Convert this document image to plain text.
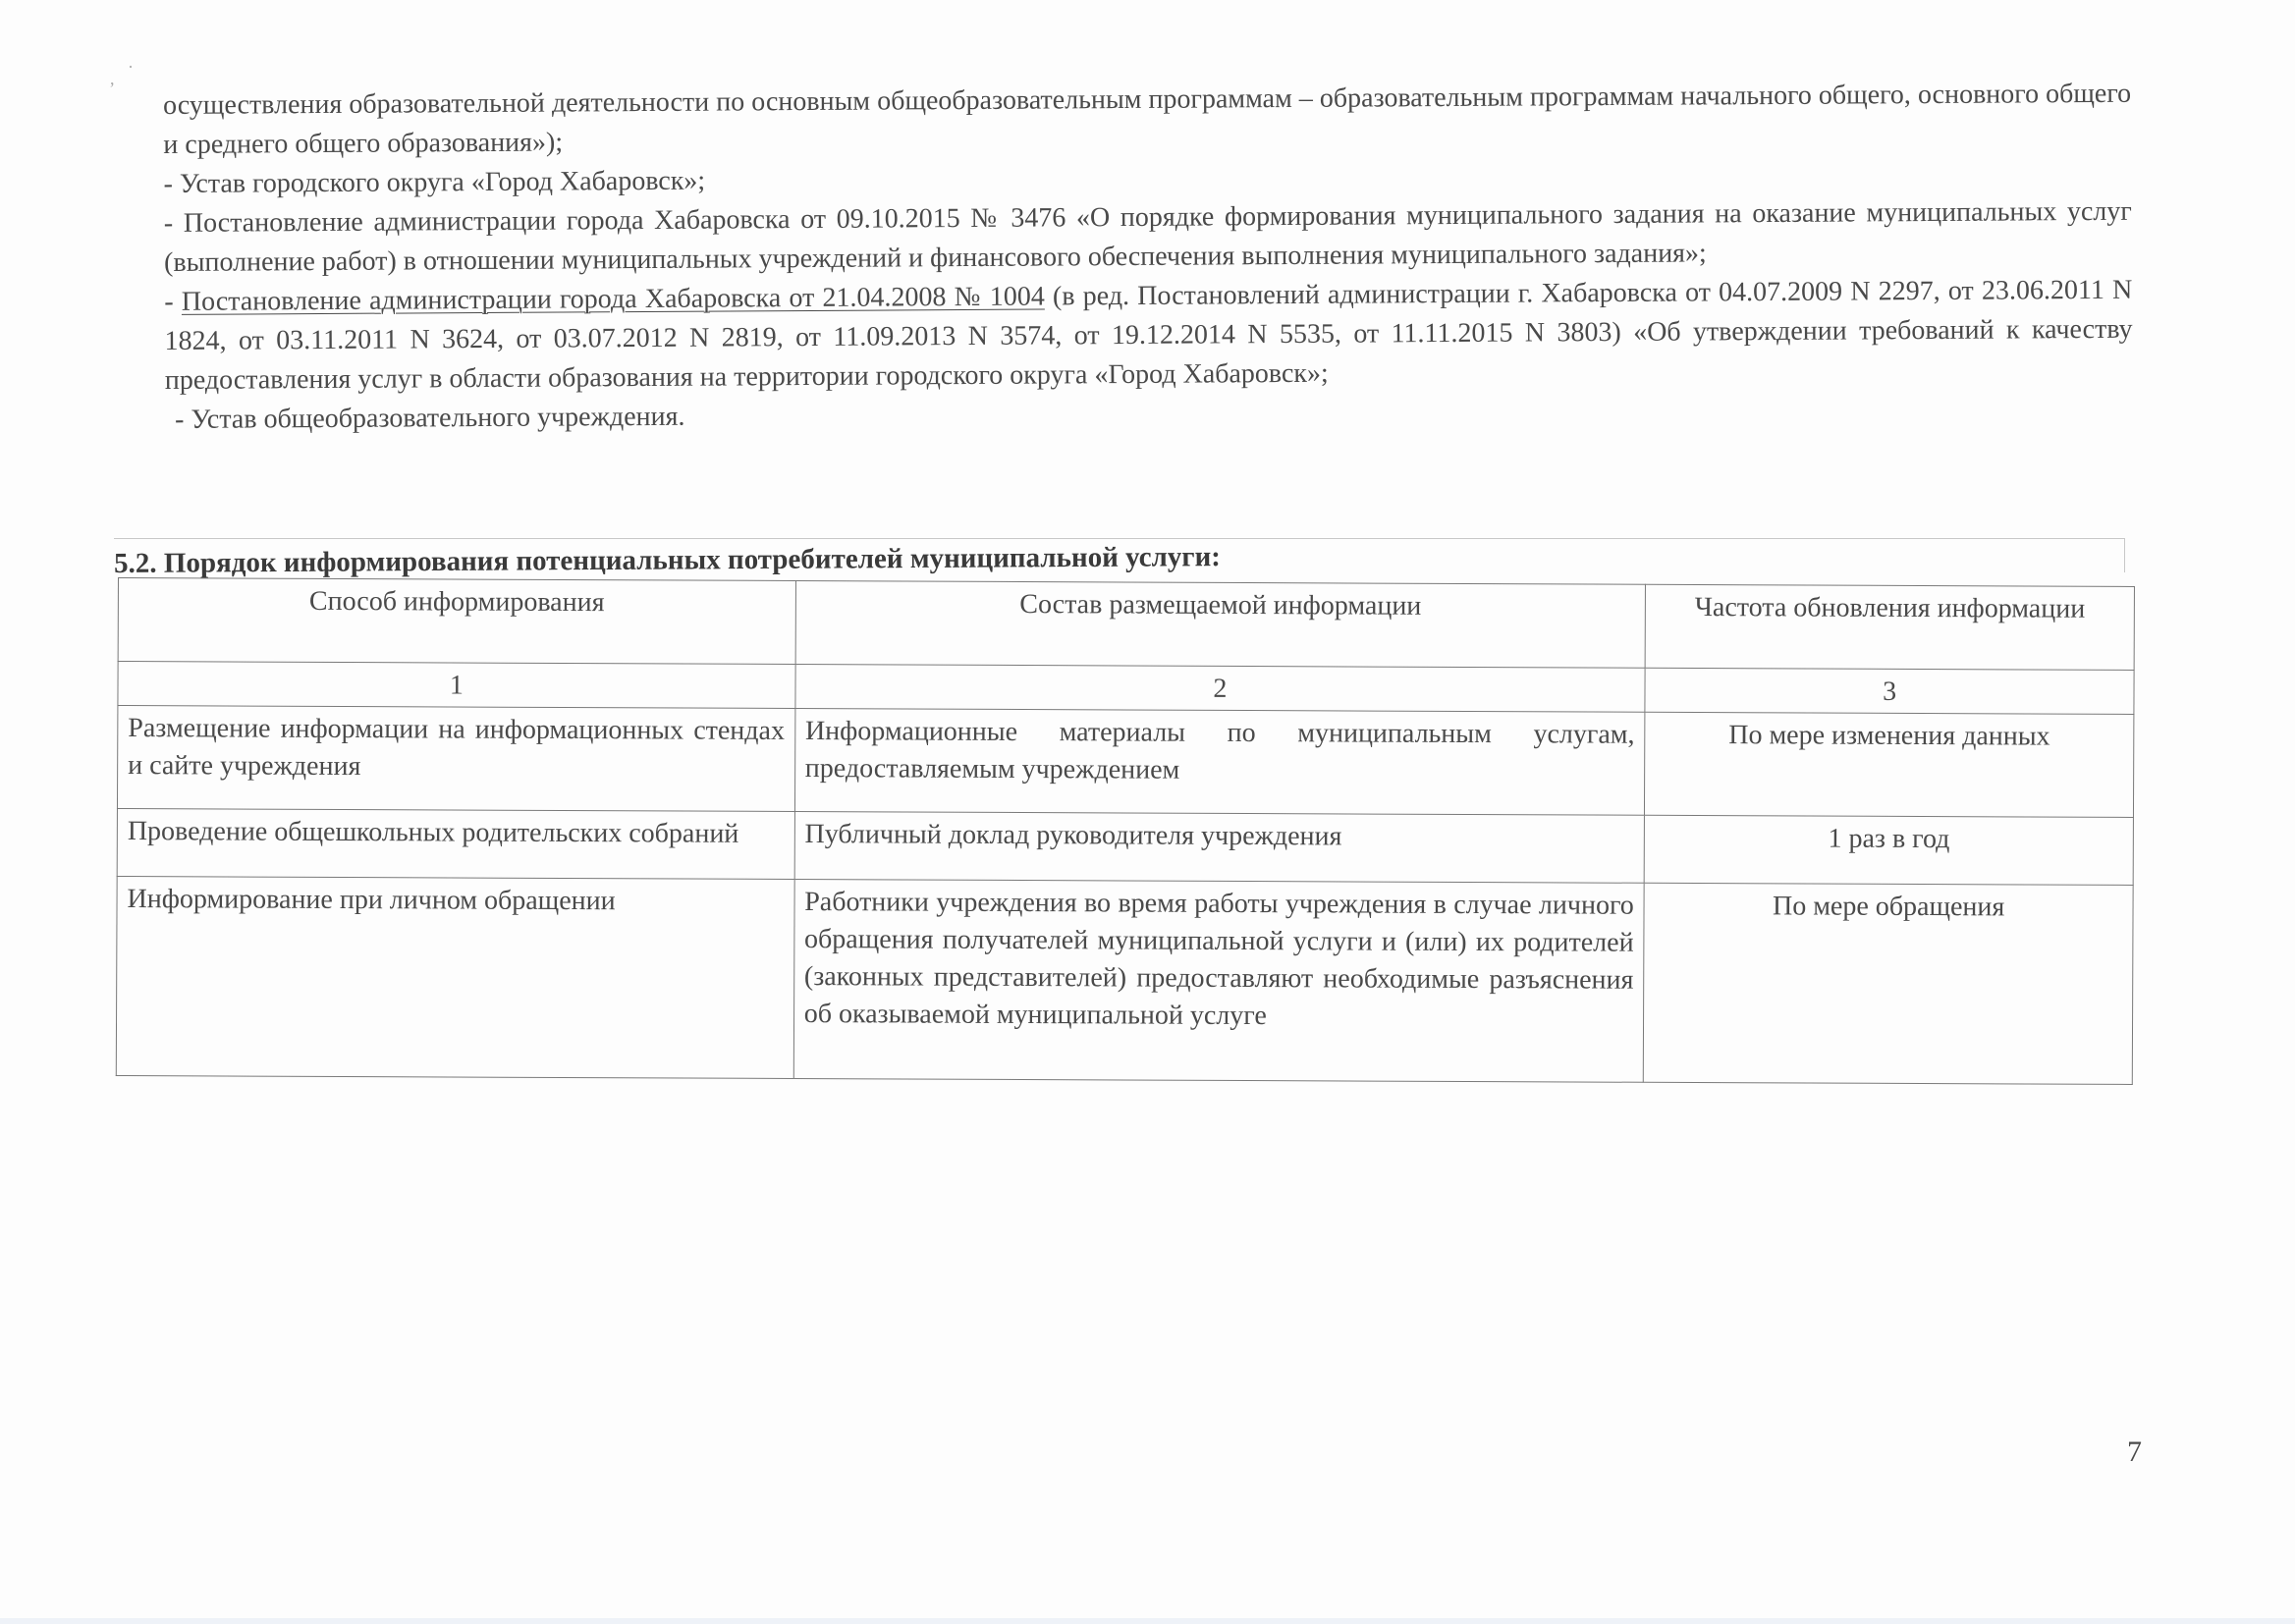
,
·

осуществления образовательной деятельности по основным общеобразовательным программам – образовательным программам начального общего, основного общего и среднего общего образования»);

- Устав городского округа «Город Хабаровск»;

- Постановление администрации города Хабаровска от 09.10.2015 № 3476 «О порядке формирования муниципального задания на оказание муниципальных услуг (выполнение работ) в отношении муниципальных учреждений и финансового обеспечения выполнения муниципального задания»;

- Постановление администрации города Хабаровска от 21.04.2008 № 1004 (в ред. Постановлений администрации г. Хабаровска от 04.07.2009 N 2297, от 23.06.2011 N 1824, от 03.11.2011 N 3624, от 03.07.2012 N 2819, от 11.09.2013 N 3574, от 19.12.2014 N 5535, от 11.11.2015 N 3803) «Об утверждении требований к качеству предоставления услуг в области образования на территории городского округа «Город Хабаровск»;

- Устав общеобразовательного учреждения.

5.2. Порядок информирования потенциальных потребителей муниципальной услуги:
Способ информирования	Состав размещаемой информации	Частота обновления информации
1	2	3
Размещение информации на информационных стендах и сайте учреждения	Информационные материалы по муниципальным услугам, предоставляемым учреждением	По мере изменения данных
Проведение общешкольных родительских собраний	Публичный доклад руководителя учреждения	1 раз в год
Информирование при личном обращении	Работники учреждения во время работы учреждения в случае личного обращения получателей муниципальной услуги и (или) их родителей (законных представителей) предоставляют необходимые разъяснения об оказываемой муниципальной услуге	По мере обращения
7
